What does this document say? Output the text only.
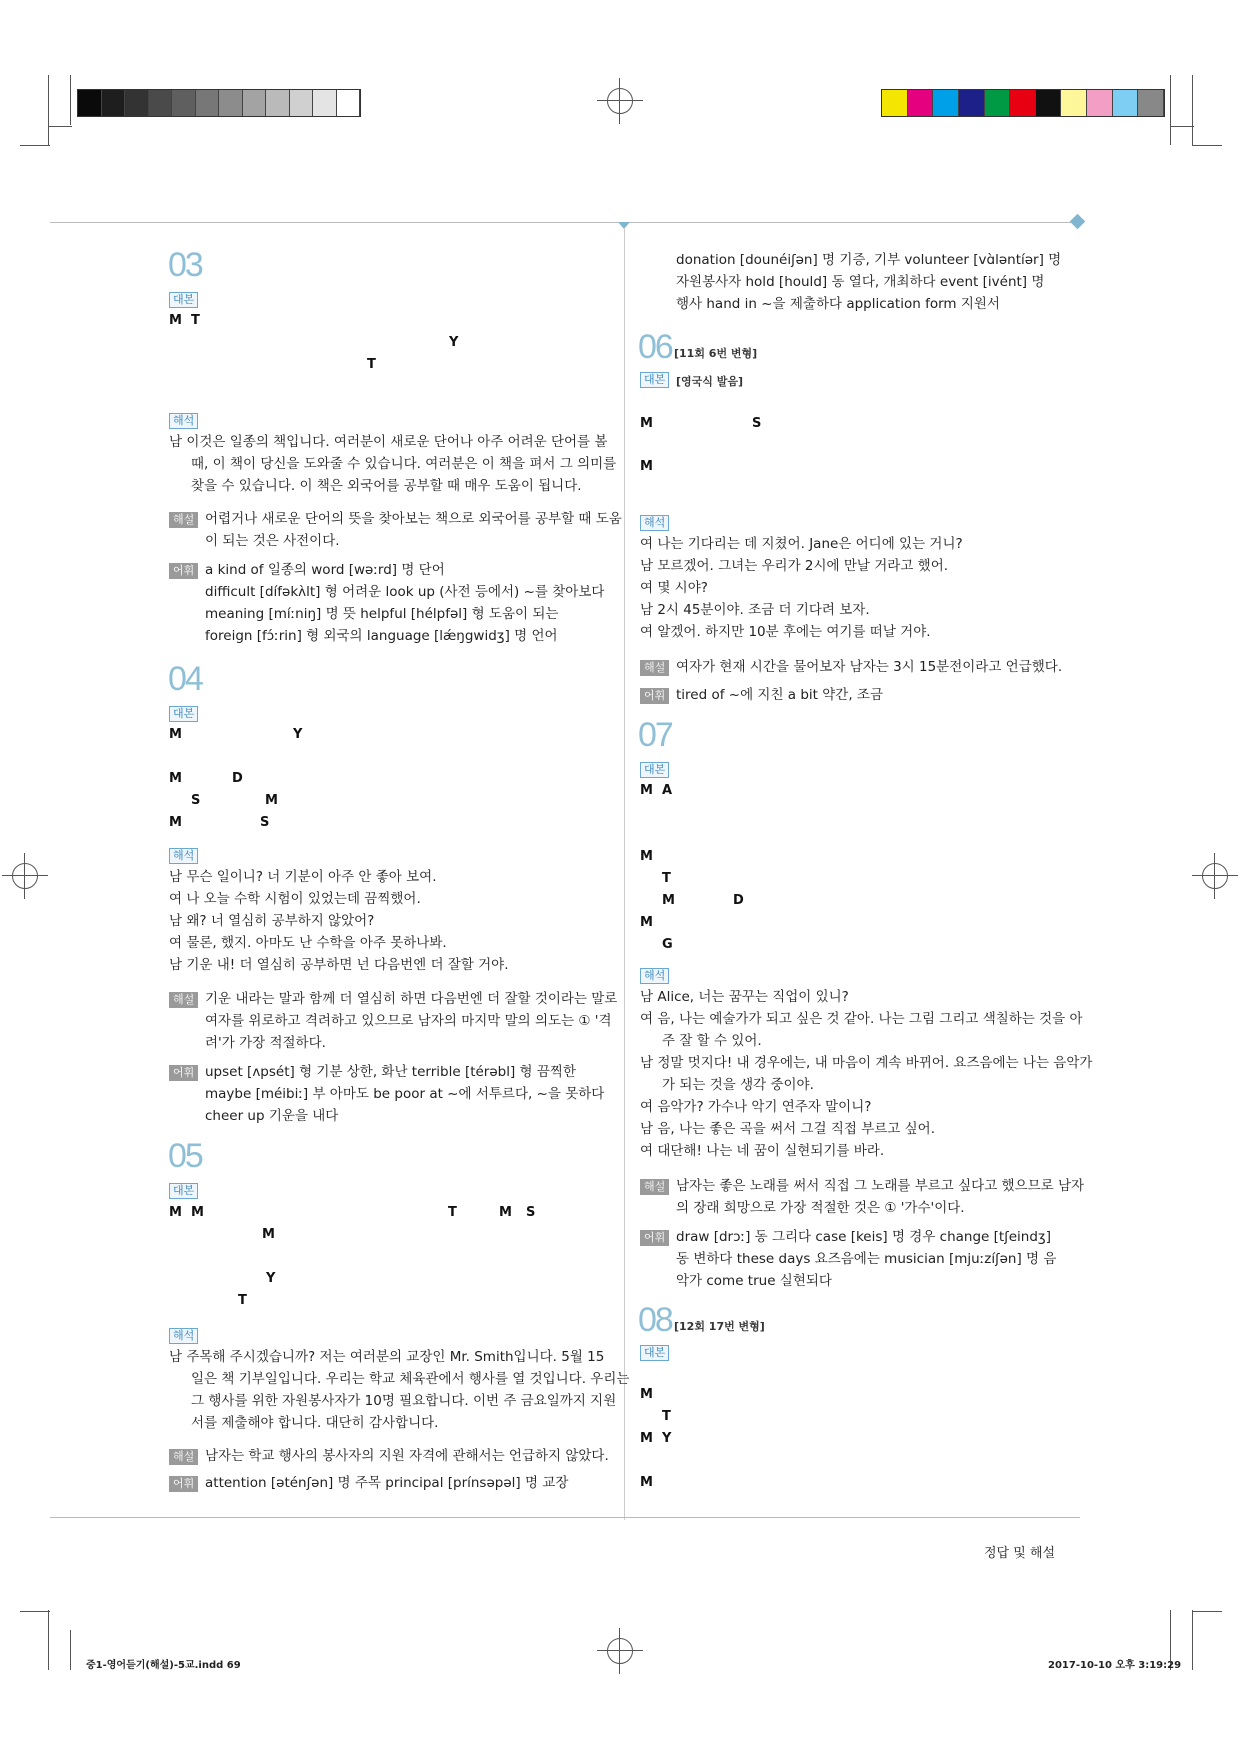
03
대본
M T
Y
T
해석
남 이것은 일종의 책입니다. 여러분이 새로운 단어나 아주 어려운 단어를 볼
때, 이 책이 당신을 도와줄 수 있습니다. 여러분은 이 책을 펴서 그 의미를
찾을 수 있습니다. 이 책은 외국어를 공부할 때 매우 도움이 됩니다.
해설 어렵거나 새로운 단어의 뜻을 찾아보는 책으로 외국어를 공부할 때 도움
이 되는 것은 사전이다.
어휘 a kind of 일종의 word [wəːrd] 명 단어
difficult [dífəkʌ̀lt] 형 어려운 look up (사전 등에서) ~를 찾아보다
meaning [míːniŋ] 명 뜻 helpful [hélpfəl] 형 도움이 되는
foreign [fɔ́ːrin] 형 외국의 language [lǽŋgwidʒ] 명 언어
04
대본
M	Y
M	D
S	M
M	S
해석
남 무슨 일이니? 너 기분이 아주 안 좋아 보여.
여 나 오늘 수학 시험이 있었는데 끔찍했어.
남 왜? 너 열심히 공부하지 않았어?
여 물론, 했지. 아마도 난 수학을 아주 못하나봐.
남 기운 내! 더 열심히 공부하면 넌 다음번엔 더 잘할 거야.
해설 기운 내라는 말과 함께 더 열심히 하면 다음번엔 더 잘할 것이라는 말로
여자를 위로하고 격려하고 있으므로 남자의 마지막 말의 의도는 ① '격
려'가 가장 적절하다.
어휘 upset [ʌpsét] 형 기분 상한, 화난 terrible [térəbl] 형 끔찍한
maybe [méibiː] 부 아마도 be poor at ~에 서투르다, ~을 못하다
cheer up 기운을 내다
05
대본
M M	T	M S
M
Y
T
해석
남 주목해 주시겠습니까? 저는 여러분의 교장인 Mr. Smith입니다. 5월 15
일은 책 기부일입니다. 우리는 학교 체육관에서 행사를 열 것입니다. 우리는
그 행사를 위한 자원봉사자가 10명 필요합니다. 이번 주 금요일까지 지원
서를 제출해야 합니다. 대단히 감사합니다.
해설 남자는 학교 행사의 봉사자의 지원 자격에 관해서는 언급하지 않았다.
어휘 attention [əténʃən] 명 주목 principal [prínsəpəl] 명 교장
donation [dounéiʃən] 명 기증, 기부 volunteer [vɑ̀ləntíər] 명
자원봉사자 hold [hould] 동 열다, 개최하다 event [ivént] 명
행사 hand in ~을 제출하다 application form 지원서
06 [11회 6번 변형]
대본 [영국식 발음]
M	S
M
해석
여 나는 기다리는 데 지쳤어. Jane은 어디에 있는 거니?
남 모르겠어. 그녀는 우리가 2시에 만날 거라고 했어.
여 몇 시야?
남 2시 45분이야. 조금 더 기다려 보자.
여 알겠어. 하지만 10분 후에는 여기를 떠날 거야.
해설 여자가 현재 시간을 물어보자 남자는 3시 15분전이라고 언급했다.
어휘 tired of ~에 지친 a bit 약간, 조금
07
대본
M A
M
T
M	D
M
G
해석
남 Alice, 너는 꿈꾸는 직업이 있니?
여 음, 나는 예술가가 되고 싶은 것 같아. 나는 그림 그리고 색칠하는 것을 아
주 잘 할 수 있어.
남 정말 멋지다! 내 경우에는, 내 마음이 계속 바뀌어. 요즈음에는 나는 음악가
가 되는 것을 생각 중이야.
여 음악가? 가수나 악기 연주자 말이니?
남 음, 나는 좋은 곡을 써서 그걸 직접 부르고 싶어.
여 대단해! 나는 네 꿈이 실현되기를 바라.
해설 남자는 좋은 노래를 써서 직접 그 노래를 부르고 싶다고 했으므로 남자
의 장래 희망으로 가장 적절한 것은 ① '가수'이다.
어휘 draw [drɔː] 동 그리다 case [keis] 명 경우 change [tʃeindʒ]
동 변하다 these days 요즈음에는 musician [mjuːzíʃən] 명 음
악가 come true 실현되다
08 [12회 17번 변형]
대본
M
T
M Y
M
정답 및 해설
중1-영어듣기(해설)-5교.indd 69	2017-10-10 오후 3:19:29
